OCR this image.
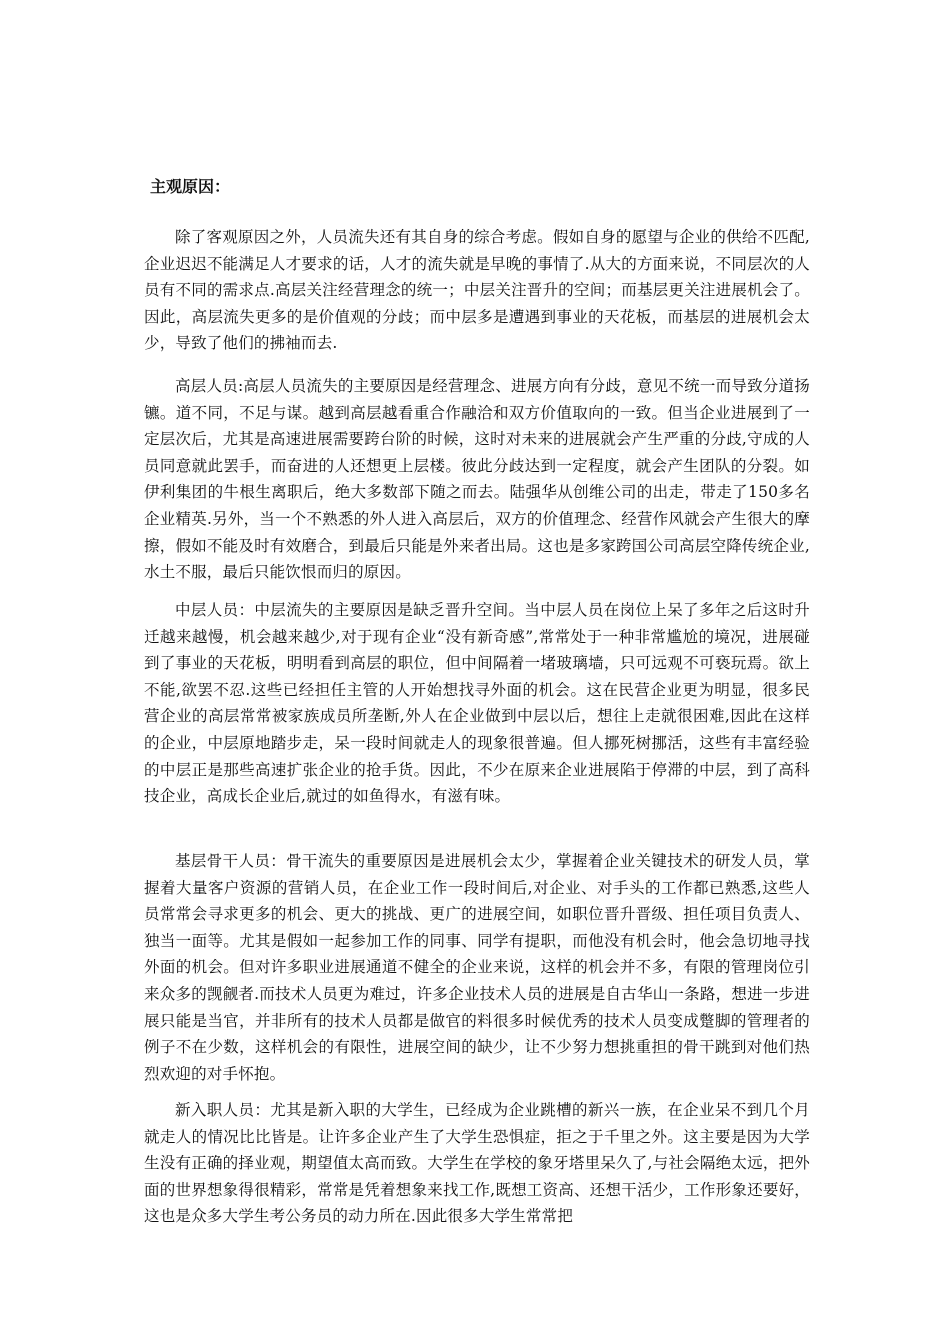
主观原因：

除了客观原因之外，人员流失还有其自身的综合考虑。假如自身的愿望与企业的供给不匹配,企业迟迟不能满足人才要求的话，人才的流失就是早晚的事情了.从大的方面来说，不同层次的人员有不同的需求点.高层关注经营理念的统一；中层关注晋升的空间；而基层更关注进展机会了。因此，高层流失更多的是价值观的分歧；而中层多是遭遇到事业的天花板，而基层的进展机会太少，导致了他们的拂袖而去.

高层人员:高层人员流失的主要原因是经营理念、进展方向有分歧，意见不统一而导致分道扬镳。道不同，不足与谋。越到高层越看重合作融洽和双方价值取向的一致。但当企业进展到了一定层次后，尤其是高速进展需要跨台阶的时候，这时对未来的进展就会产生严重的分歧,守成的人员同意就此罢手，而奋进的人还想更上层楼。彼此分歧达到一定程度，就会产生团队的分裂。如伊利集团的牛根生离职后，绝大多数部下随之而去。陆强华从创维公司的出走，带走了150多名企业精英.另外，当一个不熟悉的外人进入高层后，双方的价值理念、经营作风就会产生很大的摩擦，假如不能及时有效磨合，到最后只能是外来者出局。这也是多家跨国公司高层空降传统企业,水土不服，最后只能饮恨而归的原因。

中层人员：中层流失的主要原因是缺乏晋升空间。当中层人员在岗位上呆了多年之后这时升迁越来越慢，机会越来越少,对于现有企业“没有新奇感”,常常处于一种非常尴尬的境况，进展碰到了事业的天花板，明明看到高层的职位，但中间隔着一堵玻璃墙，只可远观不可亵玩焉。欲上不能,欲罢不忍.这些已经担任主管的人开始想找寻外面的机会。这在民营企业更为明显，很多民营企业的高层常常被家族成员所垄断,外人在企业做到中层以后，想往上走就很困难,因此在这样的企业，中层原地踏步走，呆一段时间就走人的现象很普遍。但人挪死树挪活，这些有丰富经验的中层正是那些高速扩张企业的抢手货。因此，不少在原来企业进展陷于停滞的中层，到了高科技企业，高成长企业后,就过的如鱼得水，有滋有味。

基层骨干人员：骨干流失的重要原因是进展机会太少，掌握着企业关键技术的研发人员，掌握着大量客户资源的营销人员，在企业工作一段时间后,对企业、对手头的工作都已熟悉,这些人员常常会寻求更多的机会、更大的挑战、更广的进展空间，如职位晋升晋级、担任项目负责人、独当一面等。尤其是假如一起参加工作的同事、同学有提职，而他没有机会时，他会急切地寻找外面的机会。但对许多职业进展通道不健全的企业来说，这样的机会并不多，有限的管理岗位引来众多的觊觎者.而技术人员更为难过，许多企业技术人员的进展是自古华山一条路，想进一步进展只能是当官，并非所有的技术人员都是做官的料很多时候优秀的技术人员变成蹩脚的管理者的例子不在少数，这样机会的有限性，进展空间的缺少，让不少努力想挑重担的骨干跳到对他们热烈欢迎的对手怀抱。

新入职人员：尤其是新入职的大学生，已经成为企业跳槽的新兴一族，在企业呆不到几个月就走人的情况比比皆是。让许多企业产生了大学生恐惧症，拒之于千里之外。这主要是因为大学生没有正确的择业观，期望值太高而致。大学生在学校的象牙塔里呆久了,与社会隔绝太远，把外面的世界想象得很精彩，常常是凭着想象来找工作,既想工资高、还想干活少，工作形象还要好，这也是众多大学生考公务员的动力所在.因此很多大学生常常把
